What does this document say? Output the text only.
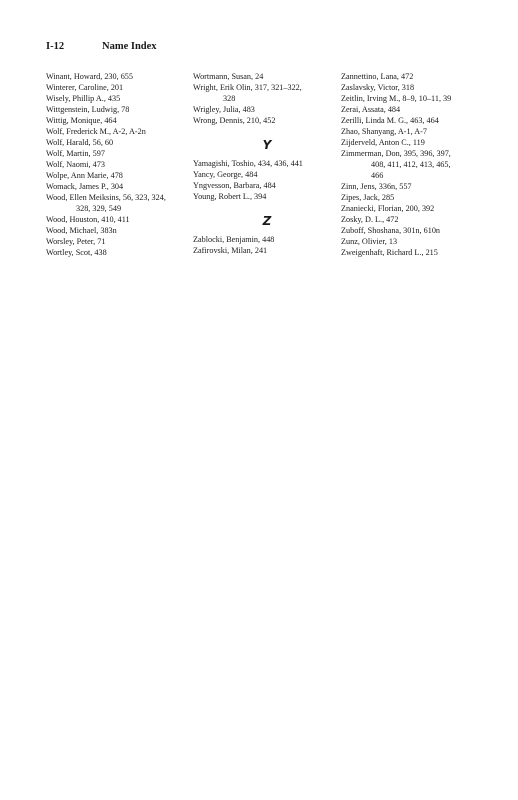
I-12	Name Index
Winant, Howard, 230, 655
Winterer, Caroline, 201
Wisely, Phillip A., 435
Wittgenstein, Ludwig, 78
Wittig, Monique, 464
Wolf, Frederick M., A-2, A-2n
Wolf, Harald, 56, 60
Wolf, Martin, 597
Wolf, Naomi, 473
Wolpe, Ann Marie, 478
Womack, James P., 304
Wood, Ellen Meiksins, 56, 323, 324,
328, 329, 549
Wood, Houston, 410, 411
Wood, Michael, 383n
Worsley, Peter, 71
Wortley, Scot, 438
Wortmann, Susan, 24
Wright, Erik Olin, 317, 321–322,
328
Wrigley, Julia, 483
Wrong, Dennis, 210, 452
Y
Yamagishi, Toshio, 434, 436, 441
Yancy, George, 484
Yngvesson, Barbara, 484
Young, Robert L., 394
Z
Zablocki, Benjamin, 448
Zafirovski, Milan, 241
Zannettino, Lana, 472
Zaslavsky, Victor, 318
Zeitlin, Irving M., 8–9, 10–11, 39
Zerai, Assata, 484
Zerilli, Linda M. G., 463, 464
Zhao, Shanyang, A-1, A-7
Zijderveld, Anton C., 119
Zimmerman, Don, 395, 396, 397,
408, 411, 412, 413, 465,
466
Zinn, Jens, 336n, 557
Zipes, Jack, 285
Znaniecki, Florian, 200, 392
Zosky, D. L., 472
Zuboff, Shoshana, 301n, 610n
Zunz, Olivier, 13
Zweigenhaft, Richard L., 215
